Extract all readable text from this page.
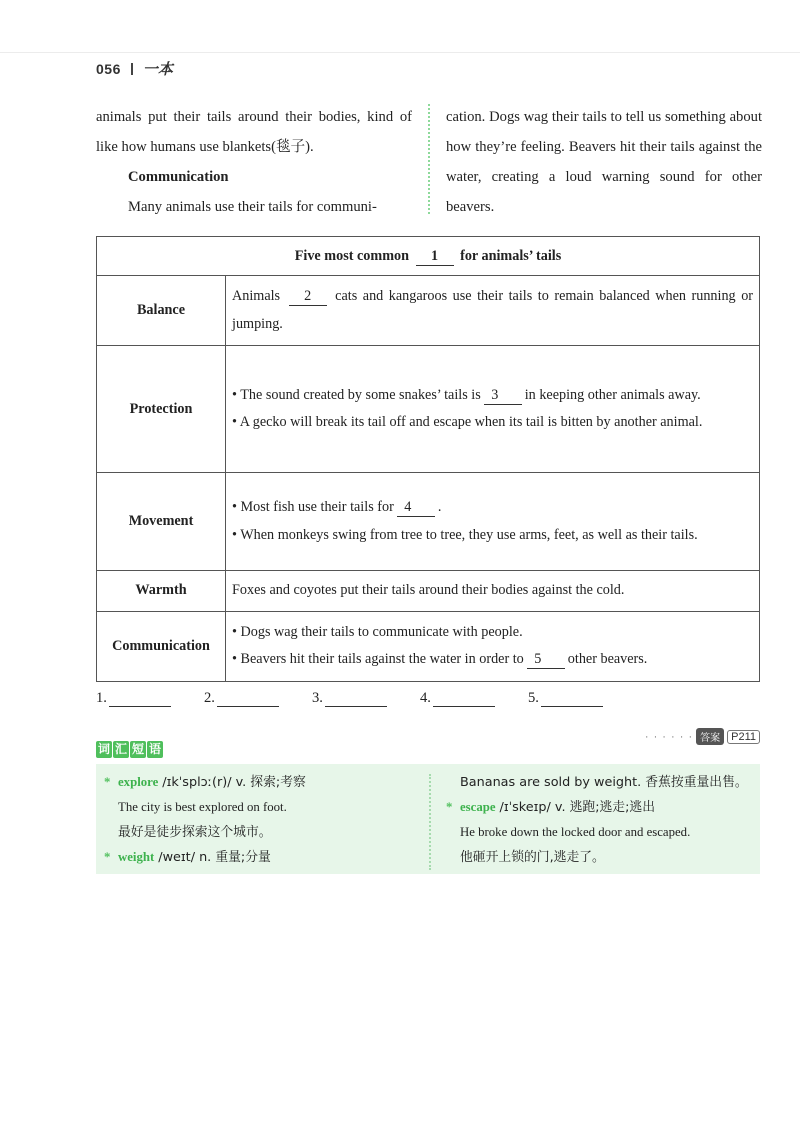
056 一本

animals put their tails around their bodies, kind of like how humans use blankets(毯子).

Communication

Many animals use their tails for communi-

cation. Dogs wag their tails to tell us something about how they’re feeling. Beavers hit their tails against the water, creating a loud warning sound for other beavers.

Five most common 1 for animals’ tails	
Balance	Animals 2 cats and kangaroos use their tails to remain balanced when running or jumping.
Protection	• The sound created by some snakes’ tails is 3 in keeping other animals away.
• A gecko will break its tail off and escape when its tail is bitten by another animal.

Movement	• Most fish use their tails for 4 .
• When monkeys swing from tree to tree, they use arms, feet, as well as their tails.

Warmth	Foxes and coyotes put their tails around their bodies against the cold.
Communication	• Dogs wag their tails to communicate with people.
• Beavers hit their tails against the water in order to 5 other beavers.
1.	2.	3.	4.	5.
· · · · · · 答案	P211
词 汇 短 语
* explore /ɪkˈsplɔː(r)/ v. 探索;考察
The city is best explored on foot.
最好是徒步探索这个城市。
* weight /weɪt/ n. 重量;分量
Bananas are sold by weight. 香蕉按重量出售。
* escape /ɪˈskeɪp/ v. 逃跑;逃走;逃出
He broke down the locked door and escaped.
他砸开上锁的门,逃走了。
